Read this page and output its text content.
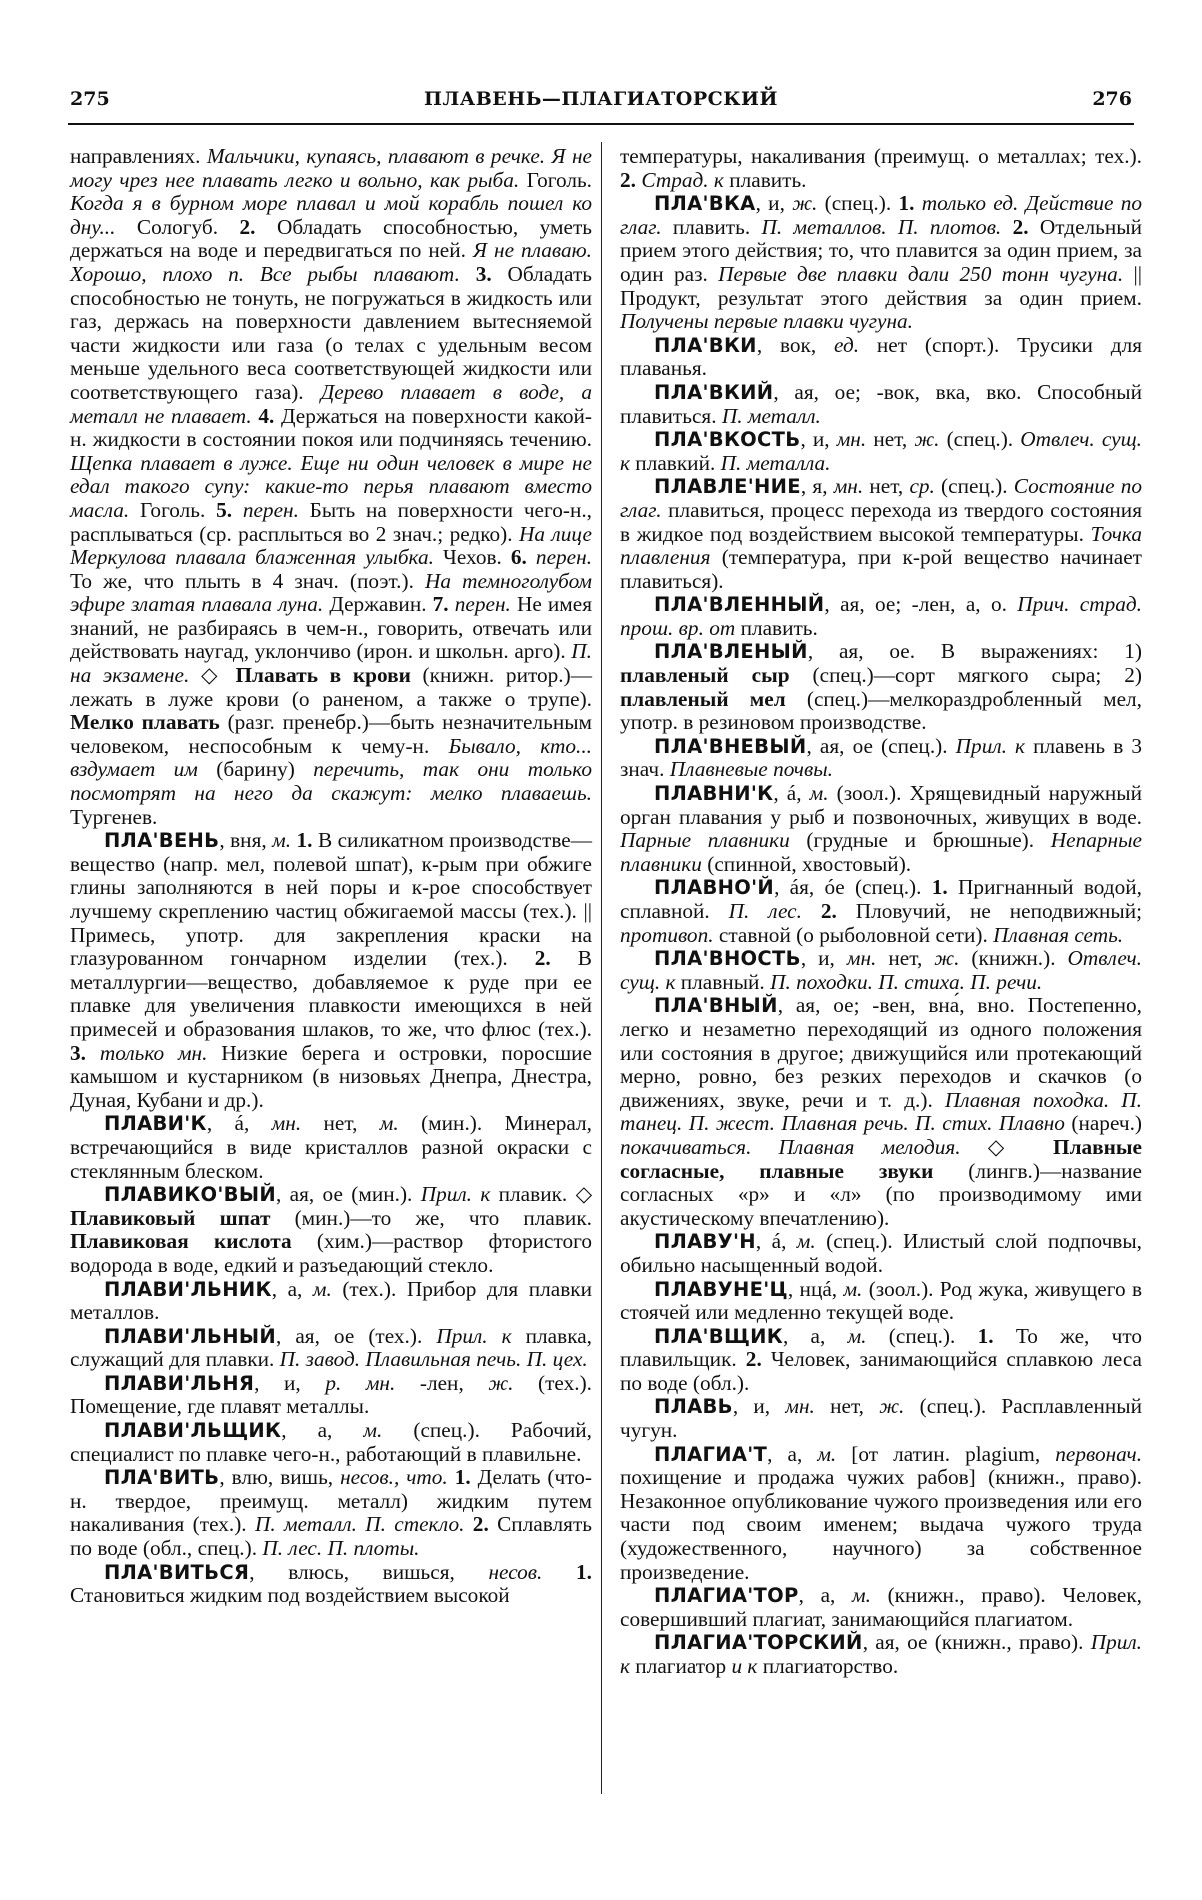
275	ПЛАВЕНЬ—ПЛАГИАТОРСКИЙ	276

направлениях. Мальчики, купаясь, плавают в речке. Я не могу чрез нее плавать легко и вольно, как рыба. Гоголь. Когда я в бурном море плавал и мой корабль пошел ко дну... Сологуб. 2. Обладать способностью, уметь держаться на воде и передвигаться по ней. Я не плаваю. Хорошо, плохо п. Все рыбы плавают. 3. Обладать способностью не тонуть, не погружаться в жидкость или газ, держась на поверхности давлением вытесняемой части жидкости или газа (о телах с удельным весом меньше удельного веса соответствующей жидкости или соответствующего газа). Дерево плавает в воде, а металл не плавает. 4. Держаться на поверхности какой-н. жидкости в состоянии покоя или подчиняясь течению. Щепка плавает в луже. Еще ни один человек в мире не едал такого супу: какие-то перья плавают вместо масла. Гоголь. 5. перен. Быть на поверхности чего-н., расплываться (ср. расплыться во 2 знач.; редко). На лице Меркулова плавала блаженная улыбка. Чехов. 6. перен. То же, что плыть в 4 знач. (поэт.). На темноголубом эфире златая плавала луна. Державин. 7. перен. Не имея знаний, не разбираясь в чем-н., говорить, отвечать или действовать наугад, уклончиво (ирон. и школьн. арго). П. на экзамене. ◇ Плавать в крови (книжн. ритор.)—лежать в луже крови (о раненом, а также о трупе). Мелко плавать (разг. пренебр.)—быть незначительным человеком, неспособным к чему-н. Бывало, кто... вздумает им (барину) перечить, так они только посмотрят на него да скажут: мелко плаваешь. Тургенев.

ПЛА'ВЕНЬ, вня, м. 1. В силикатном производстве—вещество (напр. мел, полевой шпат), к-рым при обжиге глины заполняются в ней поры и к-рое способствует лучшему скреплению частиц обжигаемой массы (тех.). || Примесь, употр. для закрепления краски на глазурованном гончарном изделии (тех.). 2. В металлургии—вещество, добавляемое к руде при ее плавке для увеличения плавкости имеющихся в ней примесей и образования шлаков, то же, что флюс (тех.). 3. только мн. Низкие берега и островки, поросшие камышом и кустарником (в низовьях Днепра, Днестра, Дуная, Кубани и др.).

ПЛАВИ'К, á, мн. нет, м. (мин.). Минерал, встречающийся в виде кристаллов разной окраски с стеклянным блеском.

ПЛАВИКО'ВЫЙ, ая, ое (мин.). Прил. к плавик. ◇ Плавиковый шпат (мин.)—то же, что плавик. Плавиковая кислота (хим.)—раствор фтористого водорода в воде, едкий и разъедающий стекло.

ПЛАВИ'ЛЬНИК, а, м. (тех.). Прибор для плавки металлов.

ПЛАВИ'ЛЬНЫЙ, ая, ое (тех.). Прил. к плавка, служащий для плавки. П. завод. Плавильная печь. П. цех.

ПЛАВИ'ЛЬНЯ, и, р. мн. -лен, ж. (тех.). Помещение, где плавят металлы.

ПЛАВИ'ЛЬЩИК, а, м. (спец.). Рабочий, специалист по плавке чего-н., работающий в плавильне.

ПЛА'ВИТЬ, влю, вишь, несов., что. 1. Делать (что-н. твердое, преимущ. металл) жидким путем накаливания (тех.). П. металл. П. стекло. 2. Сплавлять по воде (обл., спец.). П. лес. П. плоты.

ПЛА'ВИТЬСЯ, влюсь, вишься, несов. 1. Становиться жидким под воздействием высокой

температуры, накаливания (преимущ. о металлах; тех.). 2. Страд. к плавить.

ПЛА'ВКА, и, ж. (спец.). 1. только ед. Действие по глаг. плавить. П. металлов. П. плотов. 2. Отдельный прием этого действия; то, что плавится за один прием, за один раз. Первые две плавки дали 250 тонн чугуна. || Продукт, результат этого действия за один прием. Получены первые плавки чугуна.

ПЛА'ВКИ, вок, ед. нет (спорт.). Трусики для плаванья.

ПЛА'ВКИЙ, ая, ое; -вок, вка, вко. Способный плавиться. П. металл.

ПЛА'ВКОСТЬ, и, мн. нет, ж. (спец.). Отвлеч. сущ. к плавкий. П. металла.

ПЛАВЛЕ'НИЕ, я, мн. нет, ср. (спец.). Состояние по глаг. плавиться, процесс перехода из твердого состояния в жидкое под воздействием высокой температуры. Точка плавления (температура, при к-рой вещество начинает плавиться).

ПЛА'ВЛЕННЫЙ, ая, ое; -лен, а, о. Прич. страд. прош. вр. от плавить.

ПЛА'ВЛЕНЫЙ, ая, ое. В выражениях: 1) плавленый сыр (спец.)—сорт мягкого сыра; 2) плавленый мел (спец.)—мелкораздробленный мел, употр. в резиновом производстве.

ПЛА'ВНЕВЫЙ, ая, ое (спец.). Прил. к плавень в 3 знач. Плавневые почвы.

ПЛАВНИ'К, á, м. (зоол.). Хрящевидный наружный орган плавания у рыб и позвоночных, живущих в воде. Парные плавники (грудные и брюшные). Непарные плавники (спинной, хвостовый).

ПЛАВНО'Й, áя, óе (спец.). 1. Пригнанный водой, сплавной. П. лес. 2. Пловучий, не неподвижный; противоп. ставной (о рыболовной сети). Плавная сеть.

ПЛА'ВНОСТЬ, и, мн. нет, ж. (книжн.). Отвлеч. сущ. к плавный. П. походки. П. стиха. П. речи.

ПЛА'ВНЫЙ, ая, ое; -вен, вна́, вно. Постепенно, легко и незаметно переходящий из одного положения или состояния в другое; движущийся или протекающий мерно, ровно, без резких переходов и скачков (о движениях, звуке, речи и т. д.). Плавная походка. П. танец. П. жест. Плавная речь. П. стих. Плавно (нареч.) покачиваться. Плавная мелодия. ◇ Плавные согласные, плавные звуки (лингв.)—название согласных «р» и «л» (по производимому ими акустическому впечатлению).

ПЛАВУ'Н, á, м. (спец.). Илистый слой подпочвы, обильно насыщенный водой.

ПЛАВУНЕ'Ц, нцá, м. (зоол.). Род жука, живущего в стоячей или медленно текущей воде.

ПЛА'ВЩИК, а, м. (спец.). 1. То же, что плавильщик. 2. Человек, занимающийся сплавкою леса по воде (обл.).

ПЛАВЬ, и, мн. нет, ж. (спец.). Расплавленный чугун.

ПЛАГИА'Т, а, м. [от латин. plagium, первонач. похищение и продажа чужих рабов] (книжн., право). Незаконное опубликование чужого произведения или его части под своим именем; выдача чужого труда (художественного, научного) за собственное произведение.

ПЛАГИА'ТОР, а, м. (книжн., право). Человек, совершивший плагиат, занимающийся плагиатом.

ПЛАГИА'ТОРСКИЙ, ая, ое (книжн., право). Прил. к плагиатор и к плагиаторство.
